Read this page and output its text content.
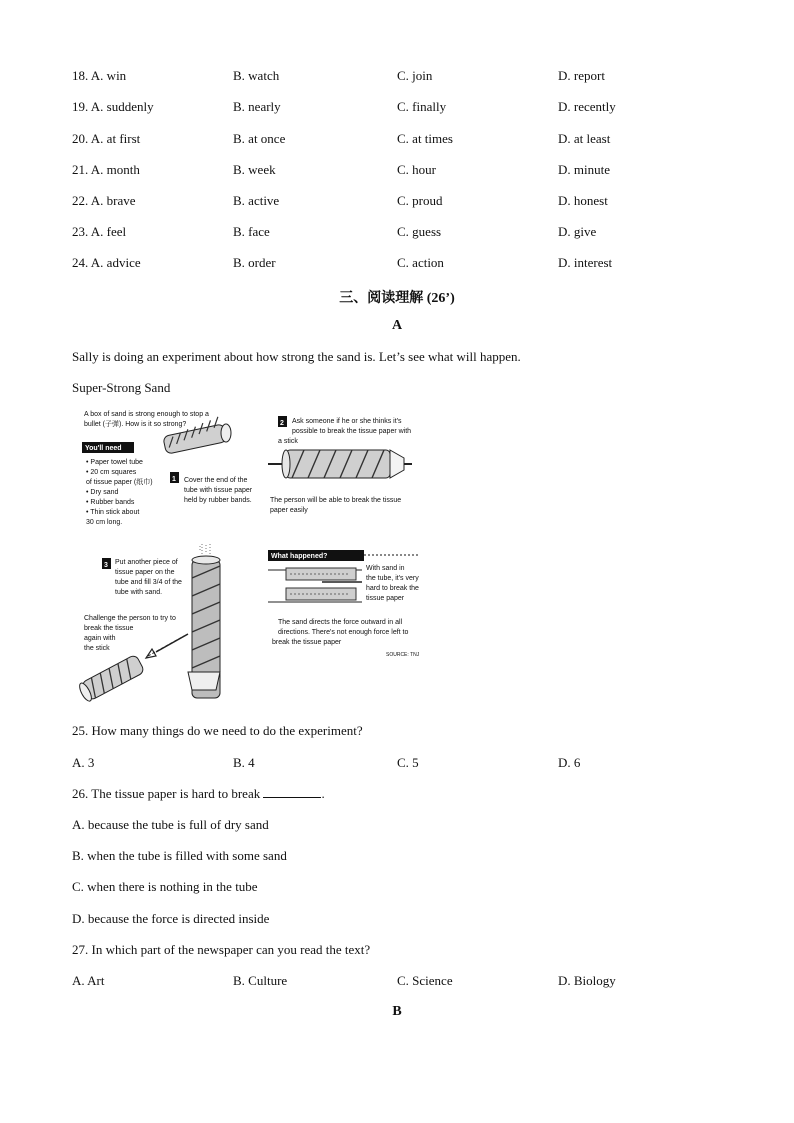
18. A. win	B. watch	C. join	D. report
19. A. suddenly	B. nearly	C. finally	D. recently
20. A. at first	B. at once	C. at times	D. at least
21. A. month	B. week	C. hour	D. minute
22. A. brave	B. active	C. proud	D. honest
23. A. feel	B. face	C. guess	D. give
24. A. advice	B. order	C. action	D. interest
三、阅读理解 (26’)
A
Sally is doing an experiment about how strong the sand is. Let’s see what will happen.
Super-Strong Sand
A box of sand is strong enough to stop a
bullet (子弹). How is it so strong?
You'll need
• Paper towel tube
• 20 cm squares
of tissue paper (纸巾)
• Dry sand
• Rubber bands
• Thin stick about
30 cm long.
1 Cover the end of the
tube with tissue paper
held by rubber bands.
2 Ask someone if he or she thinks it's
possible to break the tissue paper with
a stick
The person will be able to break the tissue
paper easily
3 Put another piece of
tissue paper on the
tube and fill 3/4 of the
tube with sand.
Challenge the person to try to
break the tissue
again with
the stick
What happened?
With sand in
the tube, it's very
hard to break the
tissue paper
The sand directs the force outward in all
directions. There's not enough force left to
break the tissue paper
SOURCE: TNJ
25. How many things do we need to do the experiment?
A. 3	B. 4	C. 5	D. 6
26. The tissue paper is hard to break	.
A. because the tube is full of dry sand
B. when the tube is filled with some sand
C. when there is nothing in the tube
D. because the force is directed inside
27. In which part of the newspaper can you read the text?
A. Art	B. Culture	C. Science	D. Biology
B
